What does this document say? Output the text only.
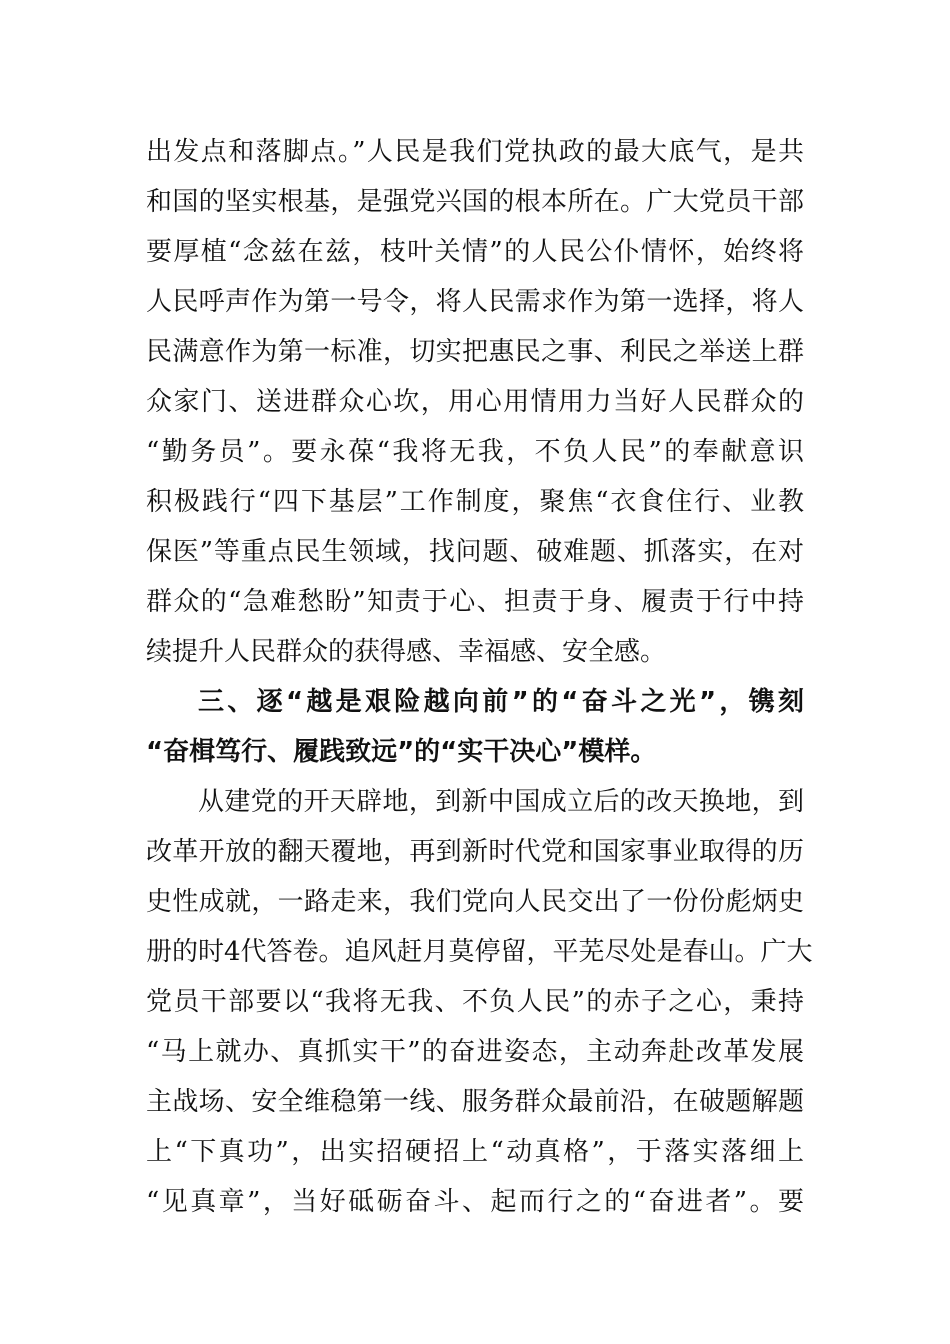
出发点和落脚点。”人民是我们党执政的最大底气，是共
和国的坚实根基，是强党兴国的根本所在。广大党员干部
要厚植“念兹在兹，枝叶关情”的人民公仆情怀，始终将
人民呼声作为第一号令，将人民需求作为第一选择，将人
民满意作为第一标准，切实把惠民之事、利民之举送上群
众家门、送进群众心坎，用心用情用力当好人民群众的
“勤务员”。要永葆“我将无我，不负人民”的奉献意识
积极践行“四下基层”工作制度，聚焦“衣食住行、业教
保医”等重点民生领域，找问题、破难题、抓落实，在对
群众的“急难愁盼”知责于心、担责于身、履责于行中持
续提升人民群众的获得感、幸福感、安全感。
三、逐“越是艰险越向前”的“奋斗之光”，镌刻
“奋楫笃行、履践致远”的“实干决心”模样。
从建党的开天辟地，到新中国成立后的改天换地，到
改革开放的翻天覆地，再到新时代党和国家事业取得的历
史性成就，一路走来，我们党向人民交出了一份份彪炳史
册的时4代答卷。追风赶月莫停留，平芜尽处是春山。广大
党员干部要以“我将无我、不负人民”的赤子之心，秉持
“马上就办、真抓实干”的奋进姿态，主动奔赴改革发展
主战场、安全维稳第一线、服务群众最前沿，在破题解题
上“下真功”，出实招硬招上“动真格”，于落实落细上
“见真章”，当好砥砺奋斗、起而行之的“奋进者”。要
